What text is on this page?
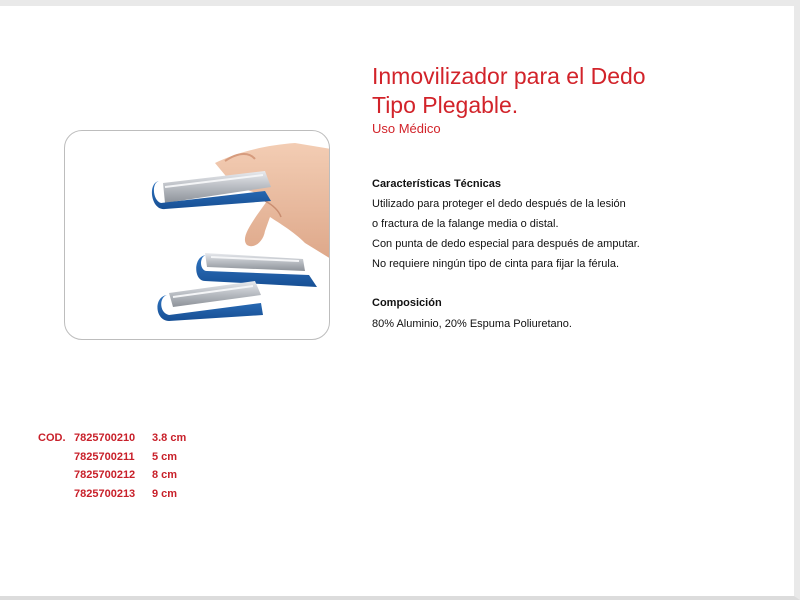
Inmovilizador para el Dedo
Tipo Plegable.
Uso Médico
Características Técnicas
Utilizado para proteger el dedo después de la lesión
o fractura de la falange media o distal.
Con punta de dedo especial para después de amputar.
No requiere ningún tipo de cinta para fijar la férula.
Composición
80% Aluminio, 20% Espuma Poliuretano.
COD. 7825700210 3.8 cm
7825700211 5 cm
7825700212 8 cm
7825700213 9 cm
